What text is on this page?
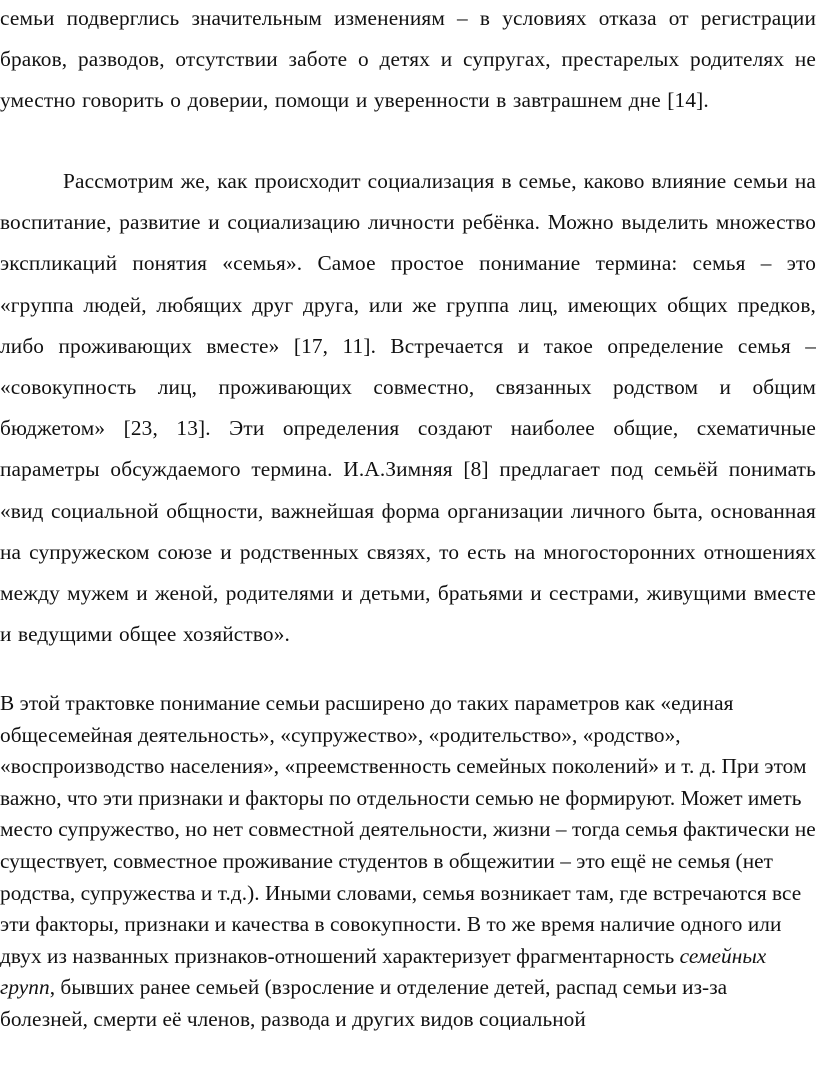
семьи подверглись значительным изменениям – в условиях отказа от регистрации браков, разводов, отсутствии заботе о детях и супругах, престарелых родителях не уместно говорить о доверии, помощи и уверенности в завтрашнем дне [14].

Рассмотрим же, как происходит социализация в семье, каково влияние семьи на воспитание, развитие и социализацию личности ребёнка. Можно выделить множество экспликаций понятия «семья». Самое простое понимание термина: семья – это «группа людей, любящих друг друга, или же группа лиц, имеющих общих предков, либо проживающих вместе» [17, 11]. Встречается и такое определение семья – «совокупность лиц, проживающих совместно, связанных родством и общим бюджетом» [23, 13]. Эти определения создают наиболее общие, схематичные параметры обсуждаемого термина. И.А.Зимняя [8] предлагает под семьёй понимать «вид социальной общности, важнейшая форма организации личного быта, основанная на супружеском союзе и родственных связях, то есть на многосторонних отношениях между мужем и женой, родителями и детьми, братьями и сестрами, живущими вместе и ведущими общее хозяйство».

В этой трактовке понимание семьи расширено до таких параметров как «единая общесемейная деятельность», «супружество», «родительство», «родство», «воспроизводство населения», «преемственность семейных поколений» и т. д. При этом важно, что эти признаки и факторы по отдельности семью не формируют. Может иметь место супружество, но нет совместной деятельности, жизни – тогда семья фактически не существует, совместное проживание студентов в общежитии – это ещё не семья (нет родства, супружества и т.д.). Иными словами, семья возникает там, где встречаются все эти факторы, признаки и качества в совокупности. В то же время наличие одного или двух из названных признаков-отношений характеризует фрагментарность семейных групп, бывших ранее семьей (взросление и отделение детей, распад семьи из-за болезней, смерти её членов, развода и других видов социальной
